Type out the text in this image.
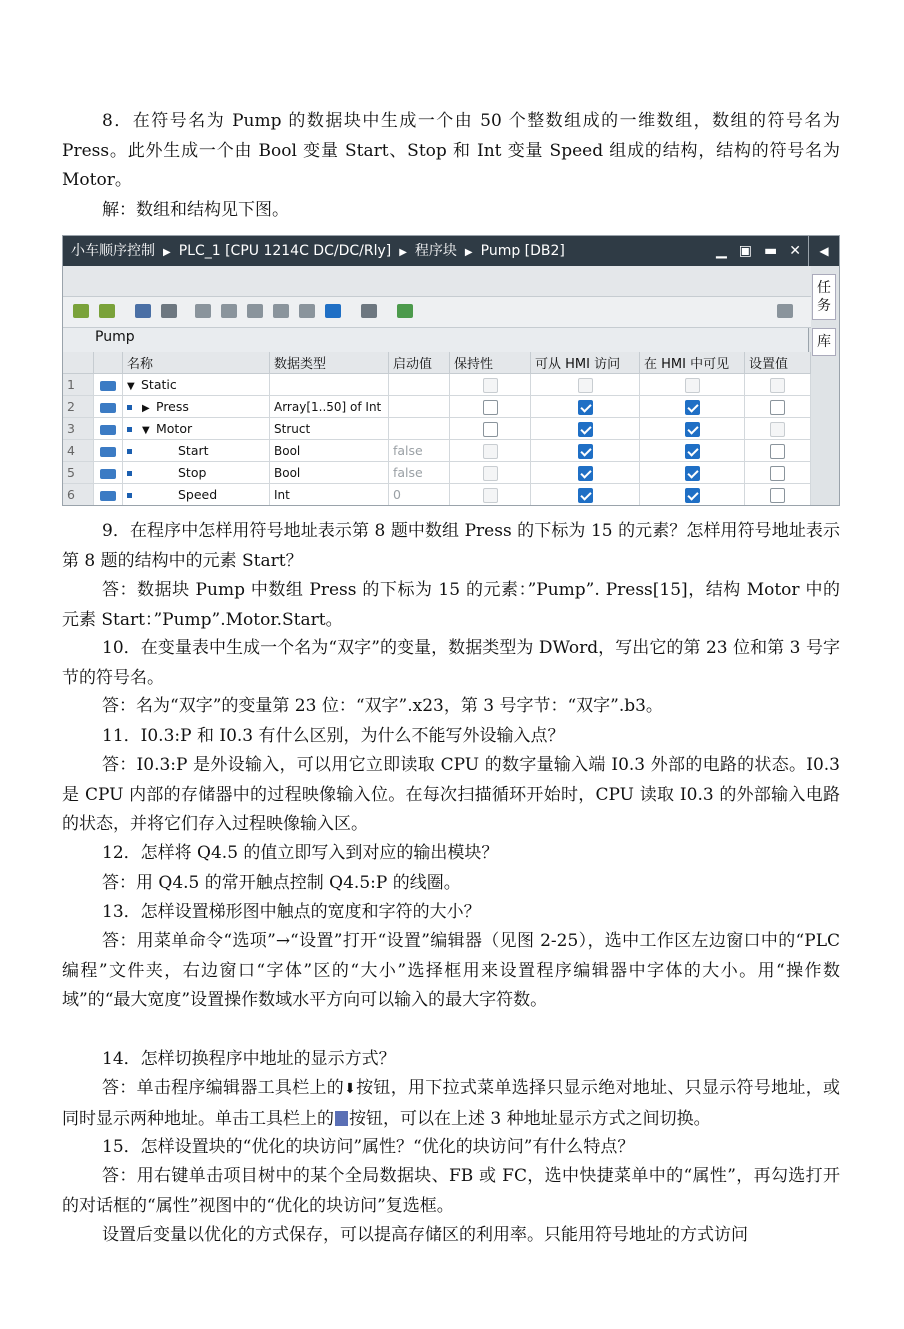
8．在符号名为 Pump 的数据块中生成一个由 50 个整数组成的一维数组，数组的符号名为 Press。此外生成一个由 Bool 变量 Start、Stop 和 Int 变量 Speed 组成的结构，结构的符号名为 Motor。

解：数组和结构见下图。

小车顺序控制 ▶ PLC_1 [CPU 1214C DC/DC/Rly] ▶ 程序块 ▶ Pump [DB2]	▁ ▣ ▬ ✕	◀
任务
库
Pump
		名称	数据类型	启动值	保持性	可从 HMI 访问	在 HMI 中可见	设置值
1		▼ Static						
2		▶ Press	Array[1..50] of Int					
3		▼ Motor	Struct					
4		Start	Bool	false				
5		Stop	Bool	false				
6		Speed	Int	0				

9．在程序中怎样用符号地址表示第 8 题中数组 Press 的下标为 15 的元素？怎样用符号地址表示第 8 题的结构中的元素 Start？

答：数据块 Pump 中数组 Press 的下标为 15 的元素：”Pump”. Press[15]，结构 Motor 中的元素 Start：”Pump”.Motor.Start。

10．在变量表中生成一个名为“双字”的变量，数据类型为 DWord，写出它的第 23 位和第 3 号字节的符号名。

答：名为“双字”的变量第 23 位：“双字”.x23，第 3 号字节：“双字”.b3。

11．I0.3:P 和 I0.3 有什么区别，为什么不能写外设输入点？

答：I0.3:P 是外设输入，可以用它立即读取 CPU 的数字量输入端 I0.3 外部的电路的状态。I0.3 是 CPU 内部的存储器中的过程映像输入位。在每次扫描循环开始时，CPU 读取 I0.3 的外部输入电路的状态，并将它们存入过程映像输入区。

12．怎样将 Q4.5 的值立即写入到对应的输出模块？

答：用 Q4.5 的常开触点控制 Q4.5:P 的线圈。

13．怎样设置梯形图中触点的宽度和字符的大小？

答：用菜单命令“选项”→“设置”打开“设置”编辑器（见图 2-25），选中工作区左边窗口中的“PLC 编程”文件夹，右边窗口“字体”区的“大小”选择框用来设置程序编辑器中字体的大小。用“操作数域”的“最大宽度”设置操作数域水平方向可以输入的最大字符数。

14．怎样切换程序中地址的显示方式？

答：单击程序编辑器工具栏上的⬇按钮，用下拉式菜单选择只显示绝对地址、只显示符号地址，或同时显示两种地址。单击工具栏上的 按钮，可以在上述 3 种地址显示方式之间切换。

15．怎样设置块的“优化的块访问”属性？“优化的块访问”有什么特点？

答：用右键单击项目树中的某个全局数据块、FB 或 FC，选中快捷菜单中的“属性”，再勾选打开的对话框的“属性”视图中的“优化的块访问”复选框。

设置后变量以优化的方式保存，可以提高存储区的利用率。只能用符号地址的方式访问
